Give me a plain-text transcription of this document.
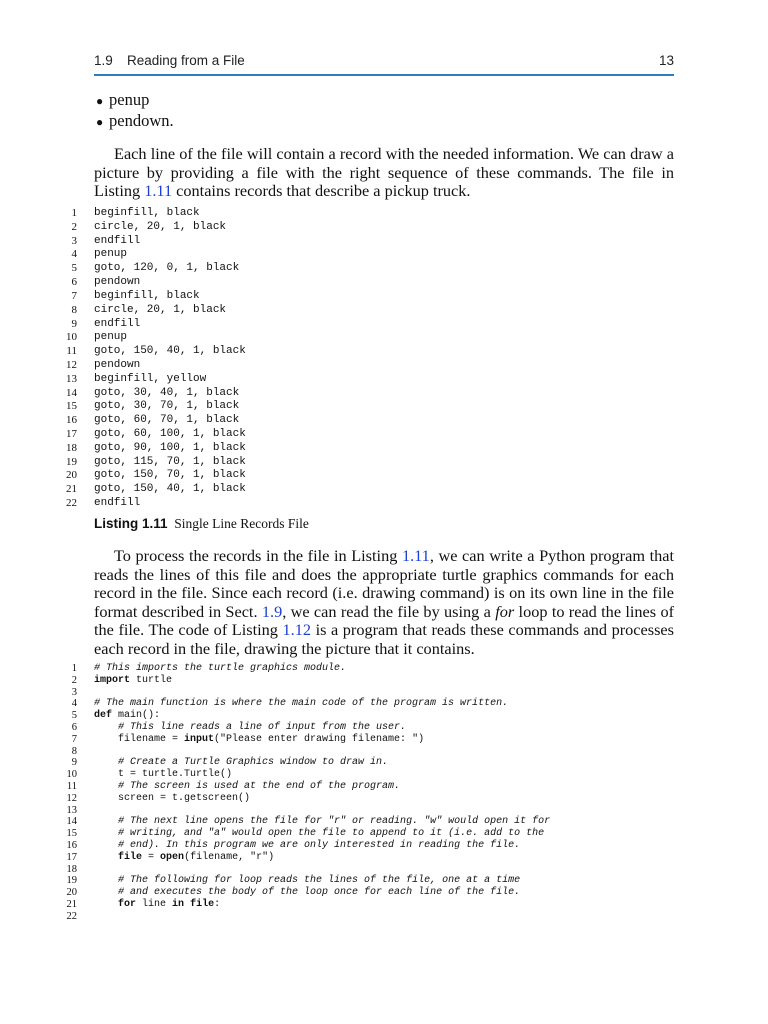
1.9 Reading from a File	13
● penup
● pendown.

Each line of the file will contain a record with the needed information. We can draw a picture by providing a file with the right sequence of these commands. The file in Listing 1.11 contains records that describe a pickup truck.

1 beginfill, black
2 circle, 20, 1, black
3 endfill
4 penup
5 goto, 120, 0, 1, black
6 pendown
7 beginfill, black
8 circle, 20, 1, black
9 endfill
10 penup
11 goto, 150, 40, 1, black
12 pendown
13 beginfill, yellow
14 goto, 30, 40, 1, black
15 goto, 30, 70, 1, black
16 goto, 60, 70, 1, black
17 goto, 60, 100, 1, black
18 goto, 90, 100, 1, black
19 goto, 115, 70, 1, black
20 goto, 150, 70, 1, black
21 goto, 150, 40, 1, black
22 endfill
Listing 1.11 Single Line Records File

To process the records in the file in Listing 1.11, we can write a Python program that reads the lines of this file and does the appropriate turtle graphics commands for each record in the file. Since each record (i.e. drawing command) is on its own line in the file format described in Sect. 1.9, we can read the file by using a for loop to read the lines of the file. The code of Listing 1.12 is a program that reads these commands and processes each record in the file, drawing the picture that it contains.

1 # This imports the turtle graphics module.
2 import turtle
3
4 # The main function is where the main code of the program is written.
5 def main():
6	# This line reads a line of input from the user.
7 filename = input("Please enter drawing filename: ")
8
9	# Create a Turtle Graphics window to draw in.
10 t = turtle.Turtle()
11	# The screen is used at the end of the program.
12 screen = t.getscreen()
13
14	# The next line opens the file for "r" or reading. "w" would open it for
15	# writing, and "a" would open the file to append to it (i.e. add to the
16	# end). In this program we are only interested in reading the file.
17	file = open(filename, "r")
18
19	# The following for loop reads the lines of the file, one at a time
20	# and executes the body of the loop once for each line of the file.
21	for line in file:
22
